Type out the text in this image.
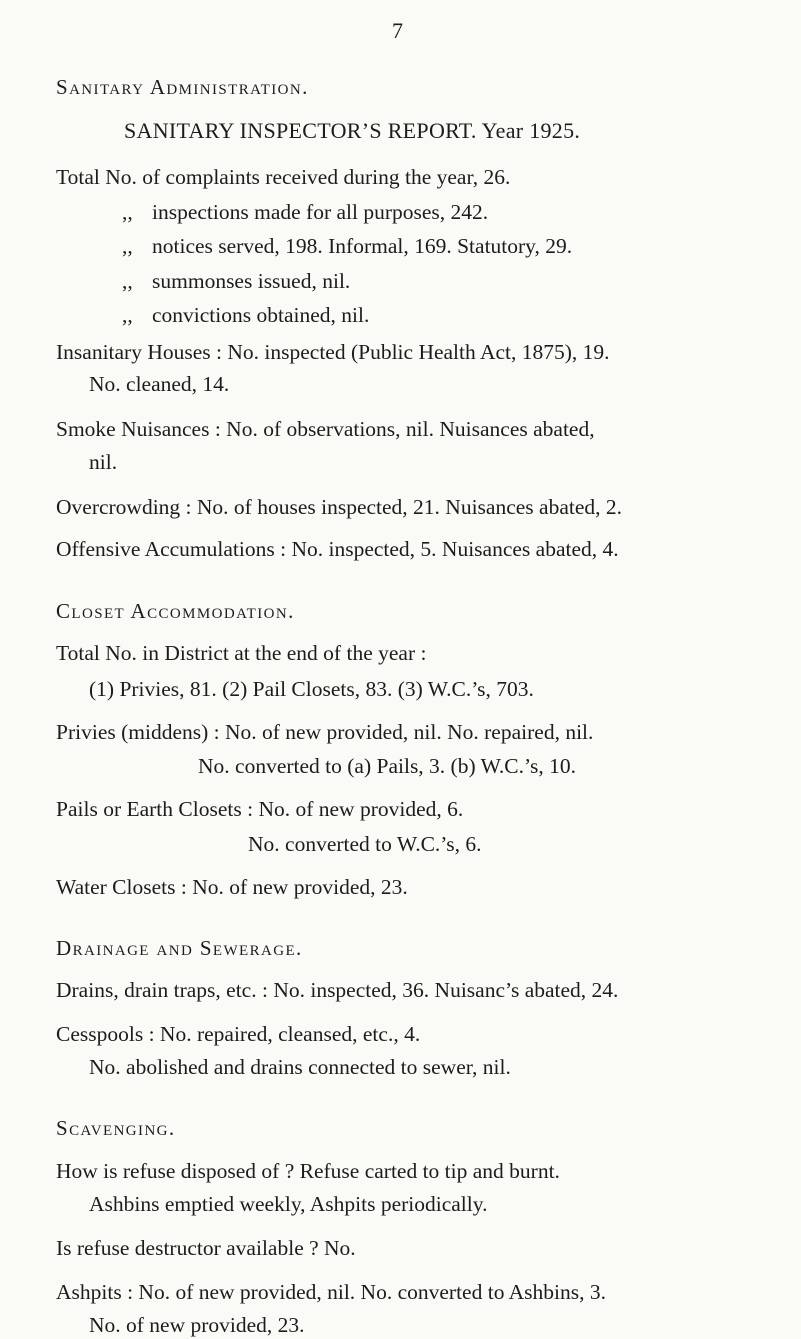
7
Sanitary Administration.
SANITARY INSPECTOR’S REPORT. Year 1925.
Total No. of complaints received during the year, 26.
,, inspections made for all purposes, 242.
,, notices served, 198. Informal, 169. Statutory, 29.
,, summonses issued, nil.
,, convictions obtained, nil.
Insanitary Houses : No. inspected (Public Health Act, 1875), 19.
No. cleaned, 14.
Smoke Nuisances : No. of observations, nil. Nuisances abated,
nil.
Overcrowding : No. of houses inspected, 21. Nuisances abated, 2.
Offensive Accumulations : No. inspected, 5. Nuisances abated, 4.
Closet Accommodation.
Total No. in District at the end of the year :
(1) Privies, 81. (2) Pail Closets, 83. (3) W.C.’s, 703.
Privies (middens) : No. of new provided, nil. No. repaired, nil.
No. converted to (a) Pails, 3. (b) W.C.’s, 10.
Pails or Earth Closets : No. of new provided, 6.
No. converted to W.C.’s, 6.
Water Closets : No. of new provided, 23.
Drainage and Sewerage.
Drains, drain traps, etc. : No. inspected, 36. Nuisanc’s abated, 24.
Cesspools : No. repaired, cleansed, etc., 4.
No. abolished and drains connected to sewer, nil.
Scavenging.
How is refuse disposed of ? Refuse carted to tip and burnt.
Ashbins emptied weekly, Ashpits periodically.
Is refuse destructor available ? No.
Ashpits : No. of new provided, nil. No. converted to Ashbins, 3.
No. of new provided, 23.
